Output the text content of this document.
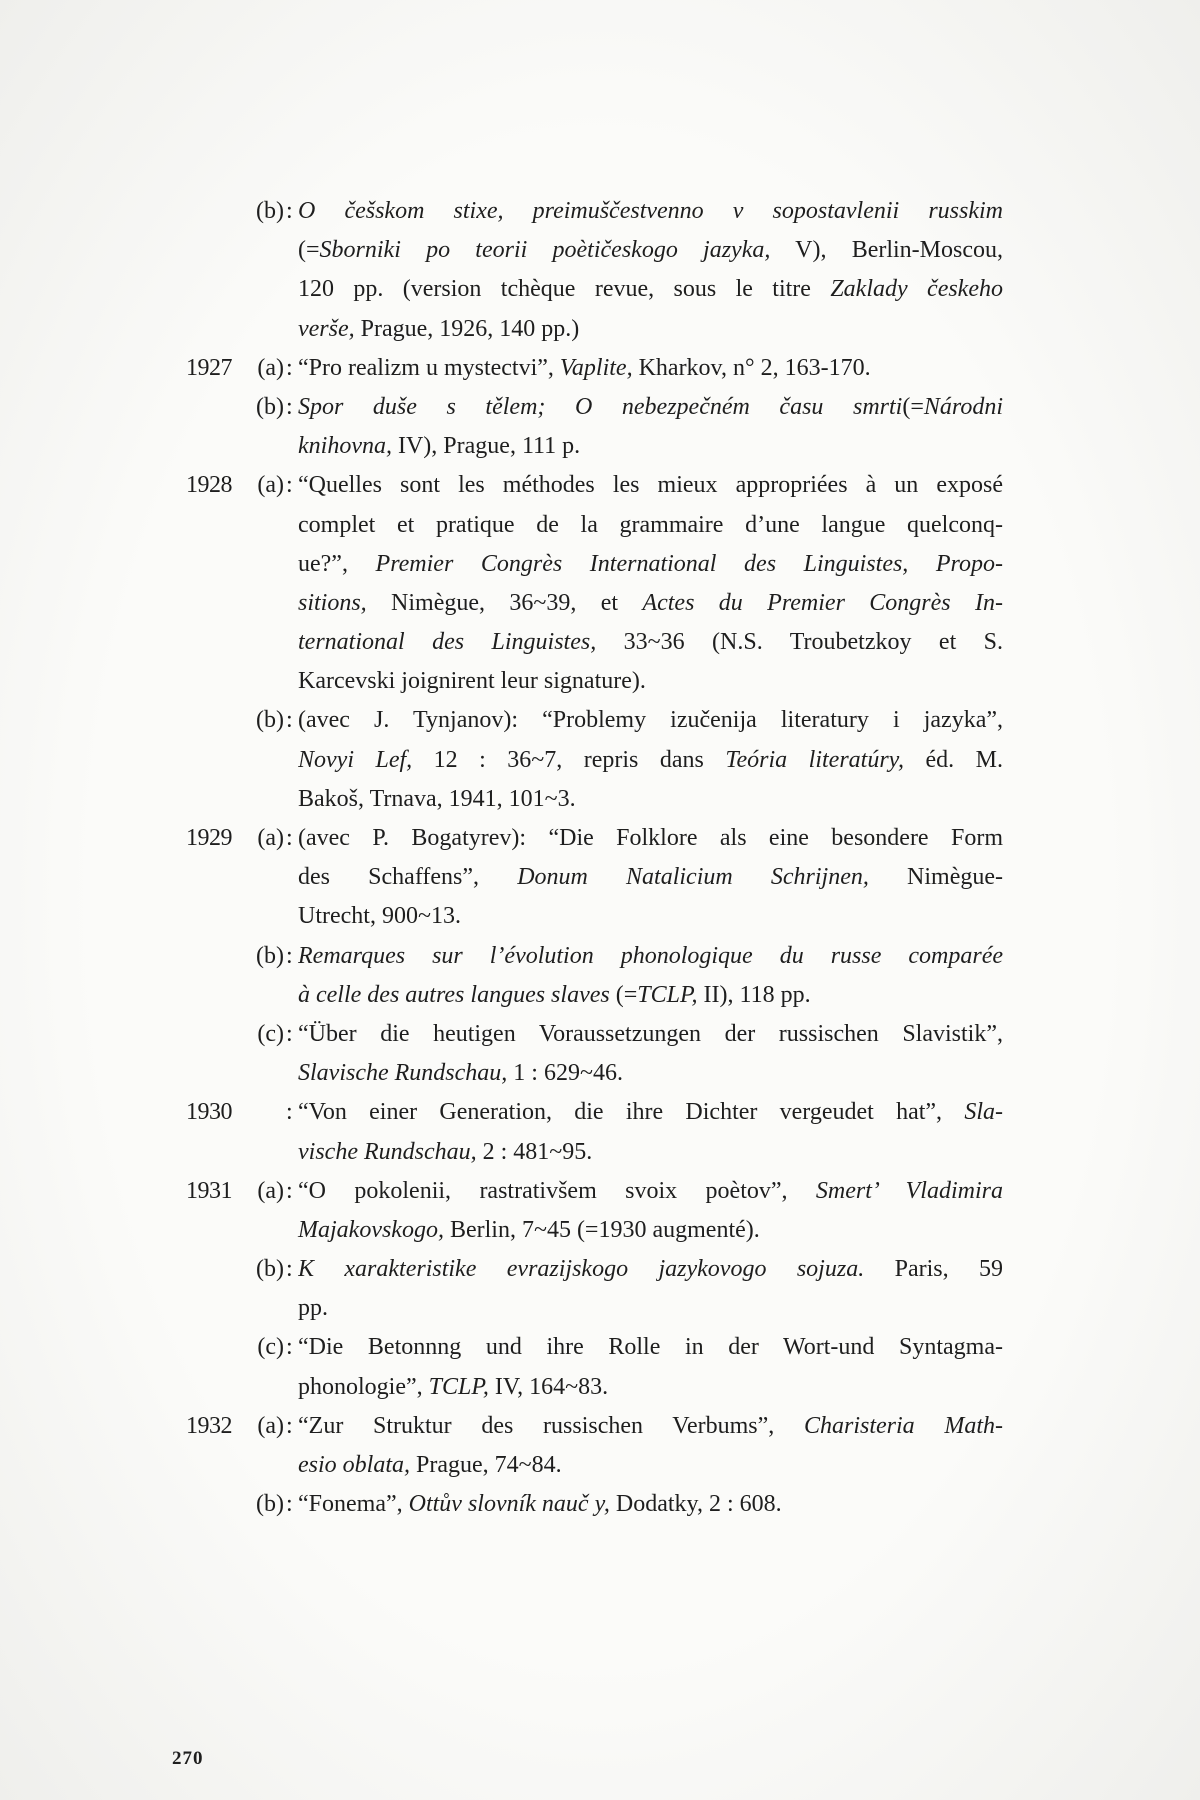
(b) : O češskom stixe, preimuščestvenno v sopostavlenii russkim
(=Sborniki po teorii poètičeskogo jazyka, V), Berlin-Moscou,
120 pp. (version tchèque revue, sous le titre Zaklady českeho
verše, Prague, 1926, 140 pp.)
1927	(a) : “Pro realizm u mystectvi”, Vaplite, Kharkov, n° 2, 163-170.
(b) : Spor duše s tělem; O nebezpečném času smrti(=Národni
knihovna, IV), Prague, 111 p.
1928	(a) : “Quelles sont les méthodes les mieux appropriées à un exposé
complet et pratique de la grammaire d’une langue quelconq-
ue?”, Premier Congrès International des Linguistes, Propo-
sitions, Nimègue, 36~39, et Actes du Premier Congrès In-
ternational des Linguistes, 33~36 (N.S. Troubetzkoy et S.
Karcevski joignirent leur signature).
(b) : (avec J. Tynjanov): “Problemy izučenija literatury i jazyka”,
Novyi Lef, 12 : 36~7, repris dans Teória literatúry, éd. M.
Bakoš, Trnava, 1941, 101~3.
1929	(a) : (avec P. Bogatyrev): “Die Folklore als eine besondere Form
des Schaffens”, Donum Natalicium Schrijnen, Nimègue-
Utrecht, 900~13.
(b) : Remarques sur l’évolution phonologique du russe comparée
à celle des autres langues slaves (=TCLP, II), 118 pp.
(c) : “Über die heutigen Voraussetzungen der russischen Slavistik”,
Slavische Rundschau, 1 : 629~46.
1930 : “Von einer Generation, die ihre Dichter vergeudet hat”, Sla-
vische Rundschau, 2 : 481~95.
1931	(a) : “O pokolenii, rastrativšem svoix poètov”, Smert’ Vladimira
Majakovskogo, Berlin, 7~45 (=1930 augmenté).
(b) : K xarakteristike evrazijskogo jazykovogo sojuza. Paris, 59
pp.
(c) : “Die Betonnng und ihre Rolle in der Wort-und Syntagma-
phonologie”, TCLP, IV, 164~83.
1932	(a) : “Zur Struktur des russischen Verbums”, Charisteria Math-
esio oblata, Prague, 74~84.
(b) : “Fonema”, Ottův slovník nauč y, Dodatky, 2 : 608.
270
